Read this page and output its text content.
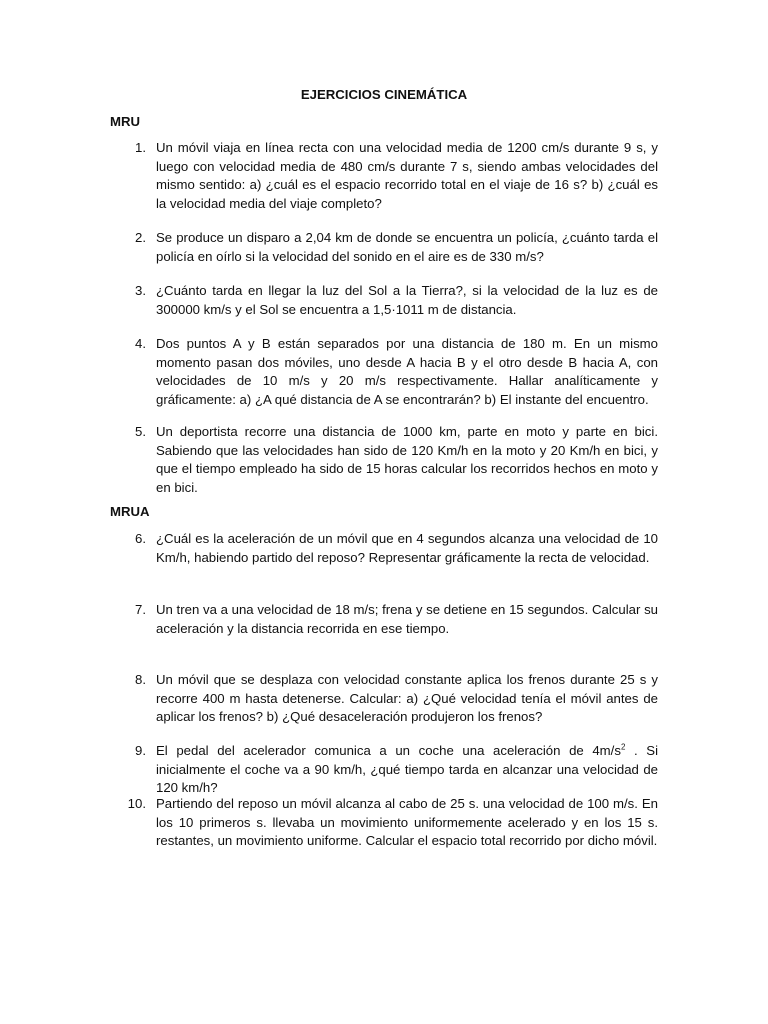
EJERCICIOS CINEMÁTICA
MRU
1. Un móvil viaja en línea recta con una velocidad media de 1200 cm/s durante 9 s, y luego con velocidad media de 480 cm/s durante 7 s, siendo ambas velocidades del mismo sentido: a) ¿cuál es el espacio recorrido total en el viaje de 16 s? b) ¿cuál es la velocidad media del viaje completo?
2. Se produce un disparo a 2,04 km de donde se encuentra un policía, ¿cuánto tarda el policía en oírlo si la velocidad del sonido en el aire es de 330 m/s?
3. ¿Cuánto tarda en llegar la luz del Sol a la Tierra?, si la velocidad de la luz es de 300000 km/s y el Sol se encuentra a 1,5·1011 m de distancia.
4. Dos puntos A y B están separados por una distancia de 180 m. En un mismo momento pasan dos móviles, uno desde A hacia B y el otro desde B hacia A, con velocidades de 10 m/s y 20 m/s respectivamente. Hallar analíticamente y gráficamente: a) ¿A qué distancia de A se encontrarán? b) El instante del encuentro.
5. Un deportista recorre una distancia de 1000 km, parte en moto y parte en bici. Sabiendo que las velocidades han sido de 120 Km/h en la moto y 20 Km/h en bici, y que el tiempo empleado ha sido de 15 horas calcular los recorridos hechos en moto y en bici.
MRUA
6. ¿Cuál es la aceleración de un móvil que en 4 segundos alcanza una velocidad de 10 Km/h, habiendo partido del reposo? Representar gráficamente la recta de velocidad.
7. Un tren va a una velocidad de 18 m/s; frena y se detiene en 15 segundos. Calcular su aceleración y la distancia recorrida en ese tiempo.
8. Un móvil que se desplaza con velocidad constante aplica los frenos durante 25 s y recorre 400 m hasta detenerse. Calcular: a) ¿Qué velocidad tenía el móvil antes de aplicar los frenos? b) ¿Qué desaceleración produjeron los frenos?
9. El pedal del acelerador comunica a un coche una aceleración de $4m/s^2$ . Si inicialmente el coche va a 90 km/h, ¿qué tiempo tarda en alcanzar una velocidad de 120 km/h?
10. Partiendo del reposo un móvil alcanza al cabo de 25 s. una velocidad de 100 m/s. En los 10 primeros s. llevaba un movimiento uniformemente acelerado y en los 15 s. restantes, un movimiento uniforme. Calcular el espacio total recorrido por dicho móvil.
